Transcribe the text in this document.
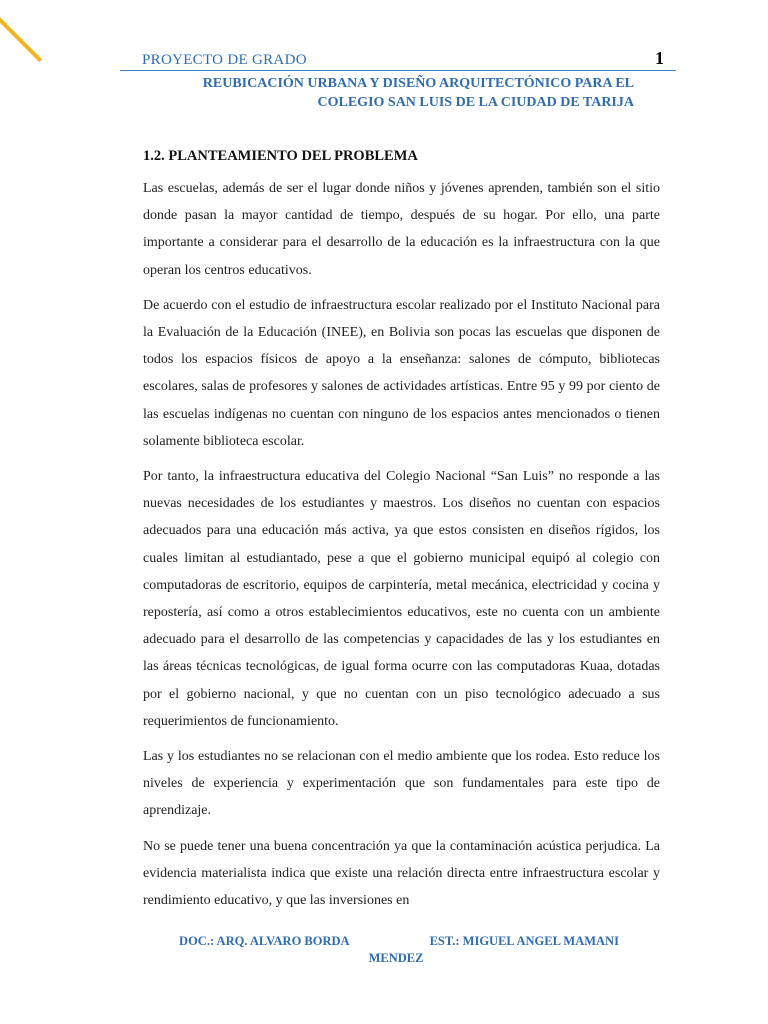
PROYECTO DE GRADO	1
REUBICACIÓN URBANA Y DISEÑO ARQUITECTÓNICO PARA EL
COLEGIO SAN LUIS DE LA CIUDAD DE TARIJA
1.2. PLANTEAMIENTO DEL PROBLEMA

Las escuelas, además de ser el lugar donde niños y jóvenes aprenden, también son el sitio donde pasan la mayor cantidad de tiempo, después de su hogar. Por ello, una parte importante a considerar para el desarrollo de la educación es la infraestructura con la que operan los centros educativos.

De acuerdo con el estudio de infraestructura escolar realizado por el Instituto Nacional para la Evaluación de la Educación (INEE), en Bolivia son pocas las escuelas que disponen de todos los espacios físicos de apoyo a la enseñanza: salones de cómputo, bibliotecas escolares, salas de profesores y salones de actividades artísticas. Entre 95 y 99 por ciento de las escuelas indígenas no cuentan con ninguno de los espacios antes mencionados o tienen solamente biblioteca escolar.

Por tanto, la infraestructura educativa del Colegio Nacional “San Luis” no responde a las nuevas necesidades de los estudiantes y maestros. Los diseños no cuentan con espacios adecuados para una educación más activa, ya que estos consisten en diseños rígidos, los cuales limitan al estudiantado, pese a que el gobierno municipal equipó al colegio con computadoras de escritorio, equipos de carpintería, metal mecánica, electricidad y cocina y repostería, así como a otros establecimientos educativos, este no cuenta con un ambiente adecuado para el desarrollo de las competencias y capacidades de las y los estudiantes en las áreas técnicas tecnológicas, de igual forma ocurre con las computadoras Kuaa, dotadas por el gobierno nacional, y que no cuentan con un piso tecnológico adecuado a sus requerimientos de funcionamiento.

Las y los estudiantes no se relacionan con el medio ambiente que los rodea. Esto reduce los niveles de experiencia y experimentación que son fundamentales para este tipo de aprendizaje.

No se puede tener una buena concentración ya que la contaminación acústica perjudica. La evidencia materialista indica que existe una relación directa entre infraestructura escolar y rendimiento educativo, y que las inversiones en

DOC.: ARQ. ALVARO BORDA	EST.: MIGUEL ANGEL MAMANI
MENDEZ
